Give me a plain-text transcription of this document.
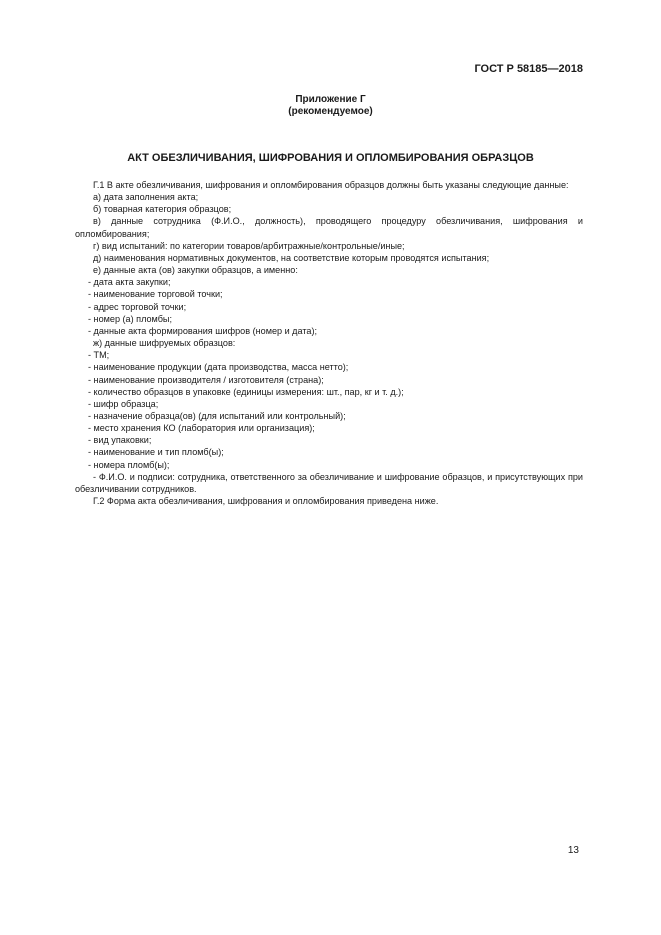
ГОСТ Р 58185—2018
Приложение Г
(рекомендуемое)
АКТ ОБЕЗЛИЧИВАНИЯ, ШИФРОВАНИЯ И ОПЛОМБИРОВАНИЯ ОБРАЗЦОВ

Г.1 В акте обезличивания, шифрования и опломбирования образцов должны быть указаны следующие данные:

а) дата заполнения акта;

б) товарная категория образцов;

в) данные сотрудника (Ф.И.О., должность), проводящего процедуру обезличивания, шифрования и опломбирования;

г) вид испытаний: по категории товаров/арбитражные/контрольные/иные;

д) наименования нормативных документов, на соответствие которым проводятся испытания;

е) данные акта (ов) закупки образцов, а именно:

- дата акта закупки;

- наименование торговой точки;

- адрес торговой точки;

- номер (а) пломбы;

- данные акта формирования шифров (номер и дата);

ж) данные шифруемых образцов:

- ТМ;

- наименование продукции (дата производства, масса нетто);

- наименование производителя / изготовителя (страна);

- количество образцов в упаковке (единицы измерения: шт., пар, кг и т. д.);

- шифр образца;

- назначение образца(ов) (для испытаний или контрольный);

- место хранения КО (лаборатория или организация);

- вид упаковки;

- наименование и тип пломб(ы);

- номера пломб(ы);

- Ф.И.О. и подписи: сотрудника, ответственного за обезличивание и шифрование образцов, и присутствующих при обезличивании сотрудников.

Г.2 Форма акта обезличивания, шифрования и опломбирования приведена ниже.

13
